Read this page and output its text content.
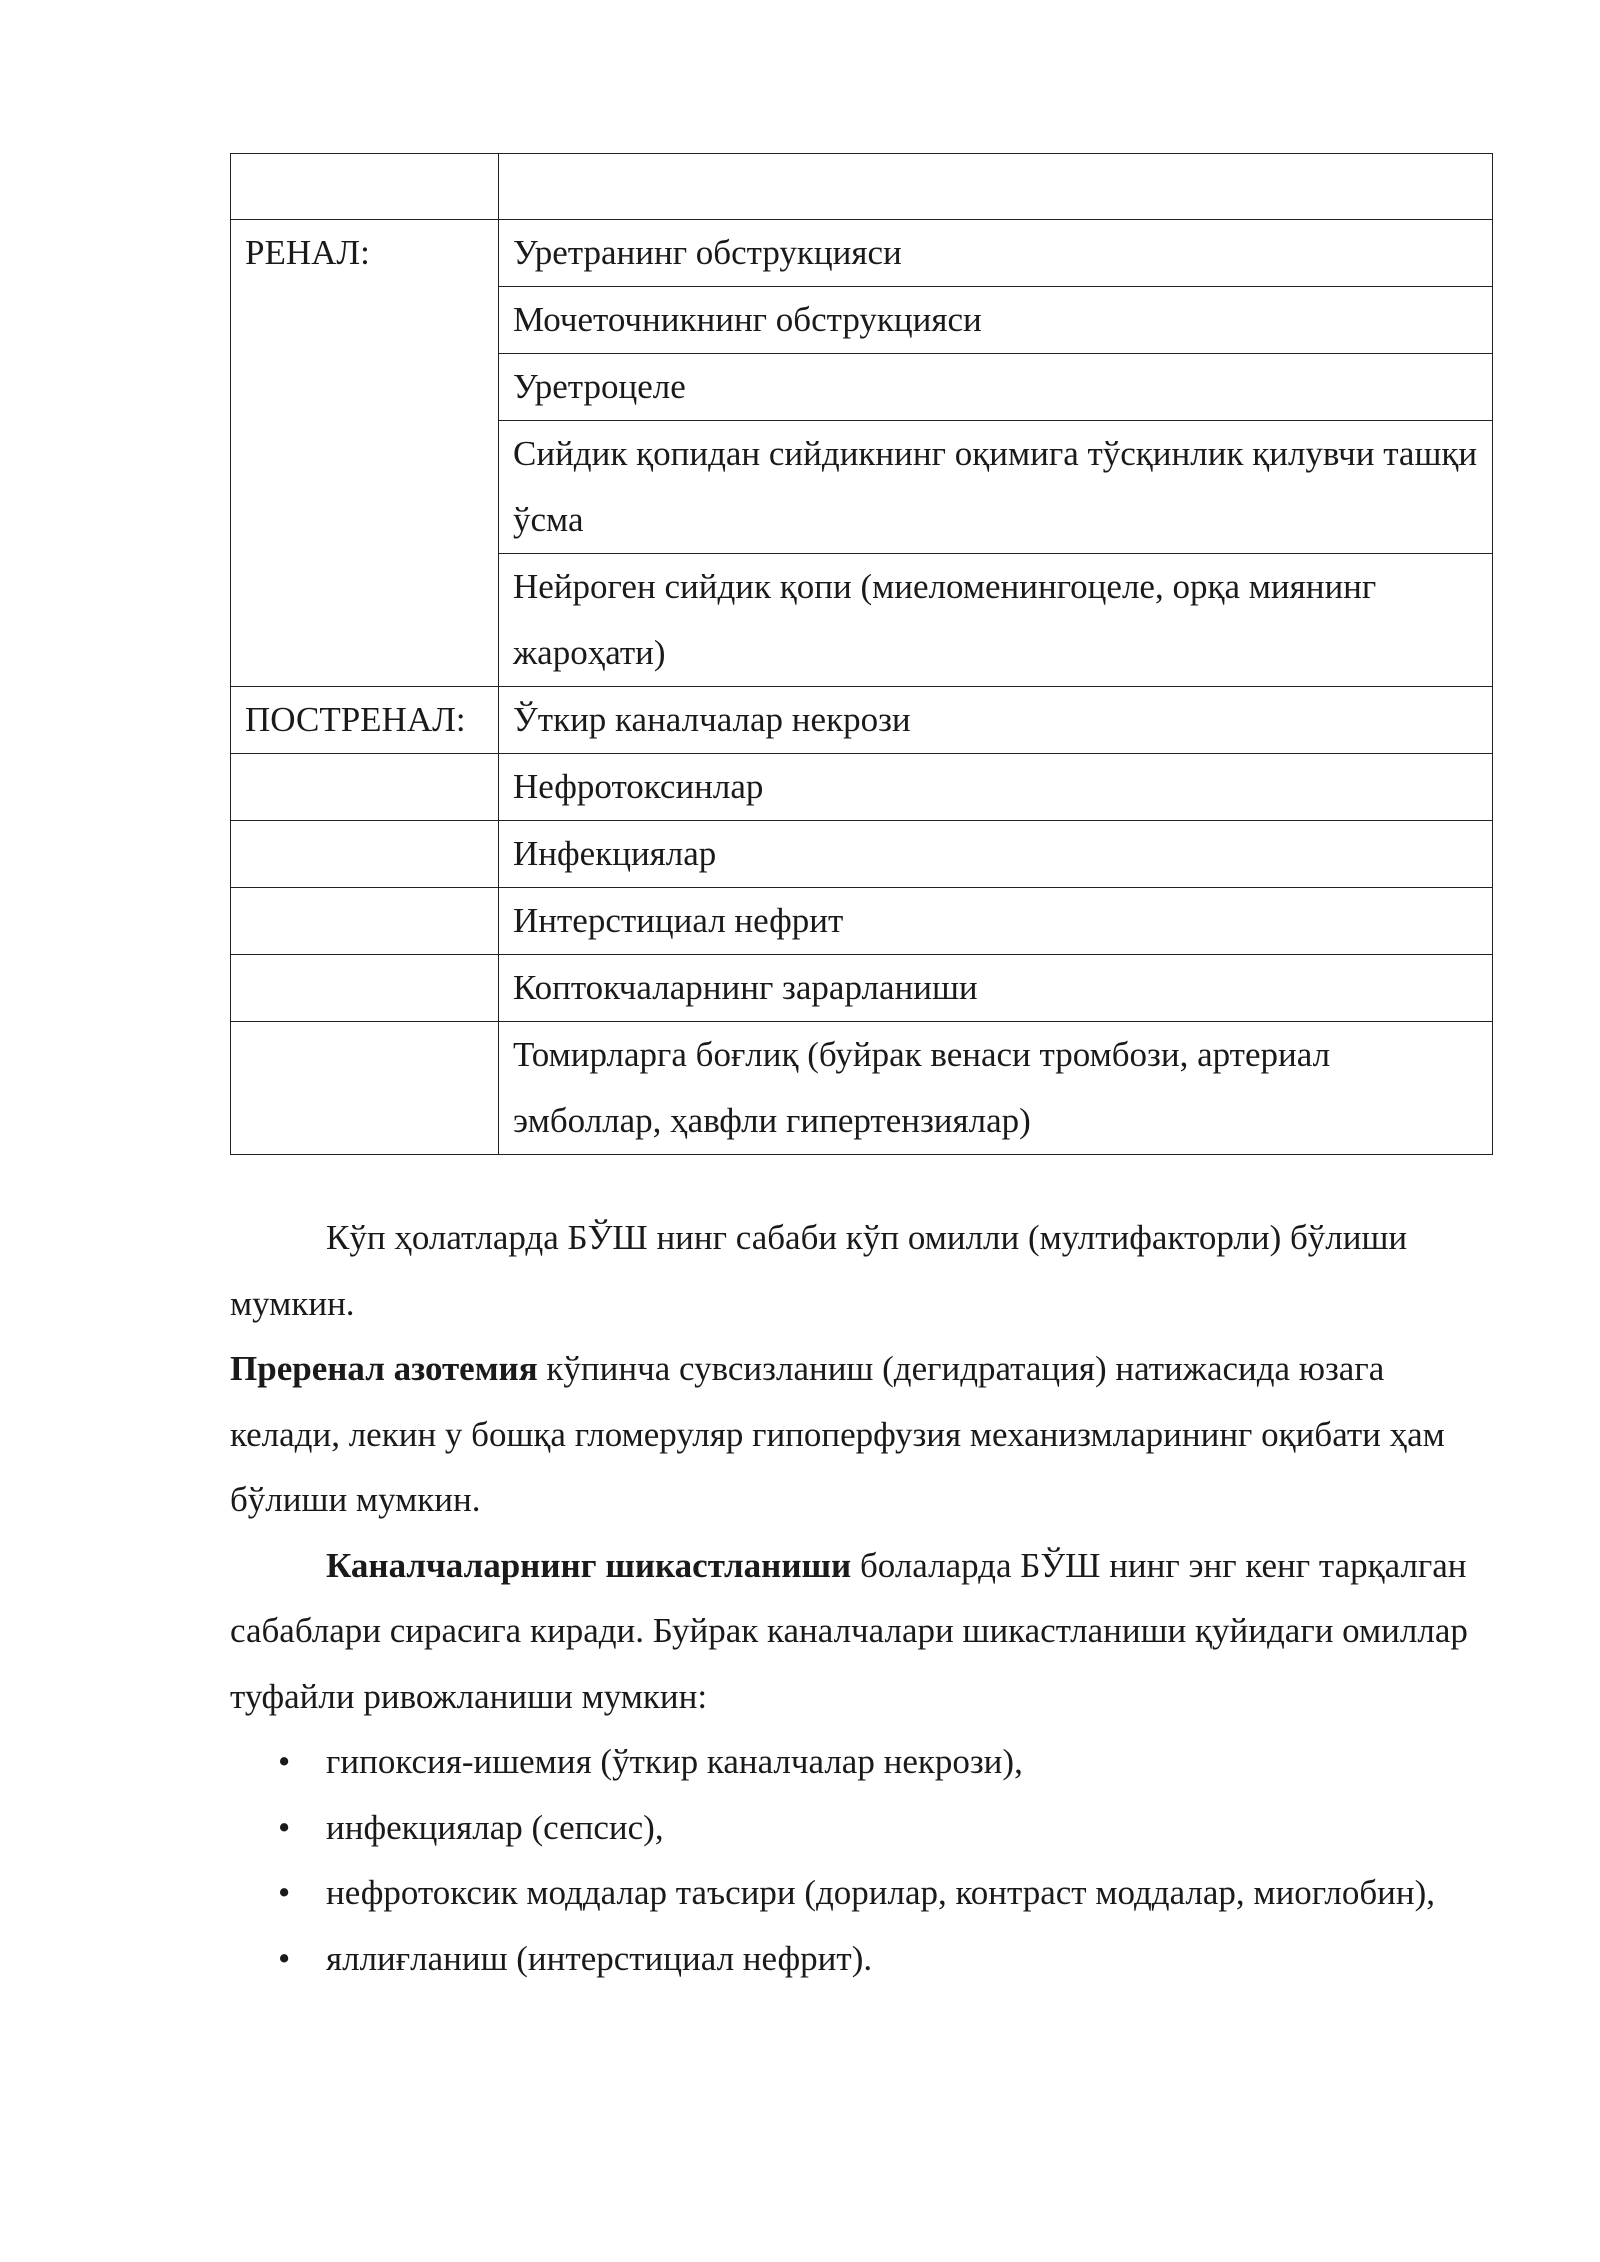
РЕНАЛ:	Уретранинг обструкцияси
	Мочеточникнинг обструкцияси
	Уретроцеле
	Сийдик қопидан сийдикнинг оқимига тўсқинлик қилувчи ташқи ўсма
	Нейроген сийдик қопи (миеломенингоцеле, орқа миянинг жароҳати)
ПОСТРЕНАЛ:	Ўткир каналчалар некрози
	Нефротоксинлар
	Инфекциялар
	Интерстициал нефрит
	Коптокчаларнинг зарарланиши
	Томирларга боғлиқ (буйрак венаси тромбози, артериал эмболлар, ҳавфли гипертензиялар)

Кўп ҳолатларда БЎШ нинг сабаби кўп омилли (мултифакторли) бўлиши мумкин.

Преренал азотемия кўпинча сувсизланиш (дегидратация) натижасида юзага келади, лекин у бошқа гломеруляр гипоперфузия механизмларининг оқибати ҳам бўлиши мумкин.

Каналчаларнинг шикастланиши болаларда БЎШ нинг энг кенг тарқалган сабаблари сирасига киради. Буйрак каналчалари шикастланиши қуйидаги омиллар туфайли ривожланиши мумкин:

•	гипоксия-ишемия (ўткир каналчалар некрози),
•	инфекциялар (сепсис),
•	нефротоксик моддалар таъсири (дорилар, контраст моддалар, миоглобин),
•	яллиғланиш (интерстициал нефрит).
